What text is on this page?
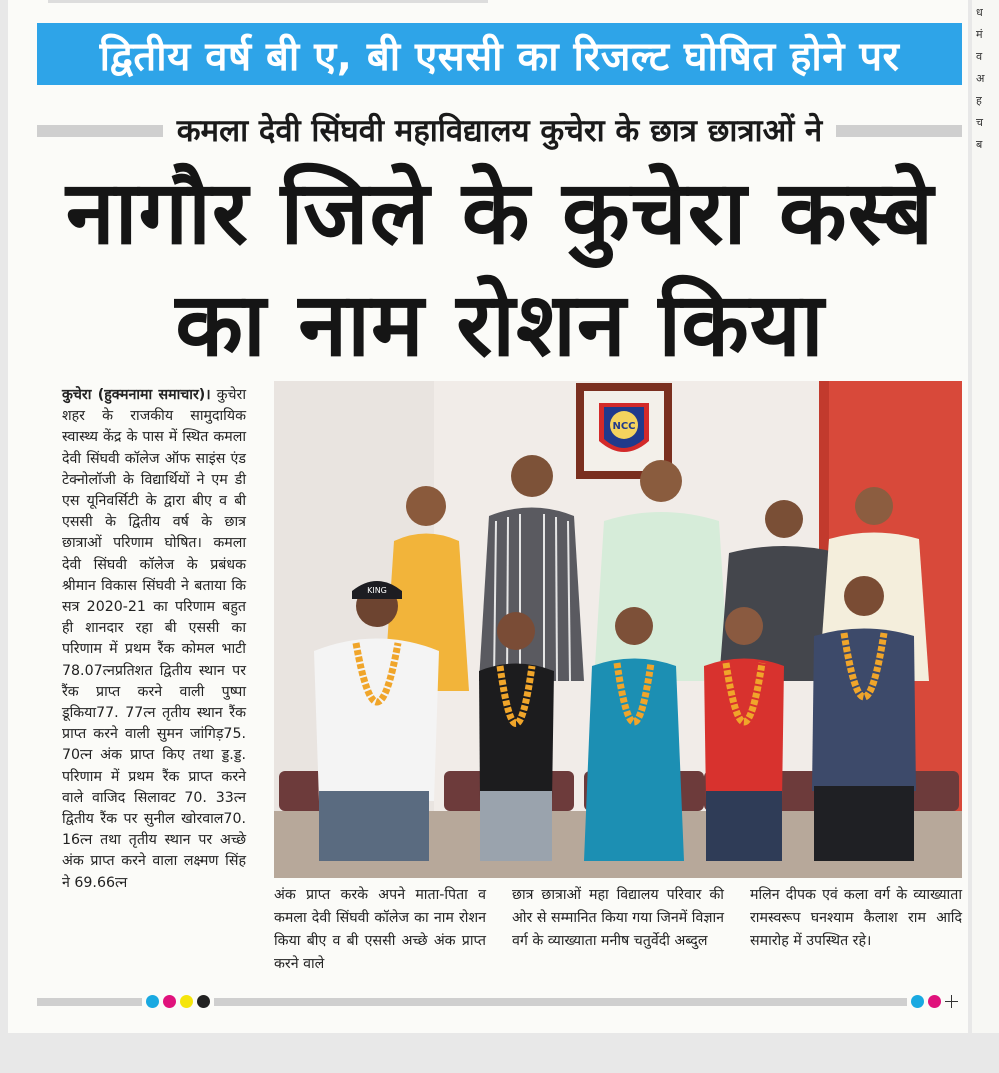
ध
मं
व
अ
ह
च
ब
द्वितीय वर्ष बी ए, बी एससी का रिजल्ट घोषित होने पर
कमला देवी सिंघवी महाविद्यालय कुचेरा के छात्र छात्राओं ने
नागौर जिले के कुचेरा कस्बे
का नाम रोशन किया
कुचेरा (हुक्मनामा समाचार)। कुचेरा शहर के राजकीय सामुदायिक स्वास्थ्य केंद्र के पास में स्थित कमला देवी सिंघवी कॉलेज ऑफ साइंस एंड टेक्नोलॉजी के विद्यार्थियों ने एम डी एस यूनिवर्सिटी के द्वारा बीए व बी एससी के द्वितीय वर्ष के छात्र छात्राओं परिणाम घोषित। कमला देवी सिंघवी कॉलेज के प्रबंधक श्रीमान विकास सिंघवी ने बताया कि सत्र 2020-21 का परिणाम बहुत ही शानदार रहा बी एससी का परिणाम में प्रथम रैंक कोमल भाटी 78.07त्नप्रतिशत द्वितीय स्थान पर रैंक प्राप्त करने वाली पुष्पा डूकिया77. 77त्न तृतीय स्थान रैंक प्राप्त करने वाली सुमन जांगिड़75. 70त्न अंक प्राप्त किए तथा ड्ड.ड्ड. परिणाम में प्रथम रैंक प्राप्त करने वाले वाजिद सिलावट 70. 33त्न द्वितीय रैंक पर सुनील खोरवाल70. 16त्न तथा तृतीय स्थान पर अच्छे अंक प्राप्त करने वाला लक्ष्मण सिंह ने 69.66त्न
NCC
KING
अंक प्राप्त करके अपने माता-पिता व कमला देवी सिंघवी कॉलेज का नाम रोशन किया बीए व बी एससी अच्छे अंक प्राप्त करने वाले
छात्र छात्राओं महा विद्यालय परिवार की ओर से सम्मानित किया गया जिनमें विज्ञान वर्ग के व्याख्याता मनीष चतुर्वेदी अब्दुल
मलिन दीपक एवं कला वर्ग के व्याख्याता रामस्वरूप घनश्याम कैलाश राम आदि समारोह में उपस्थित रहे।
